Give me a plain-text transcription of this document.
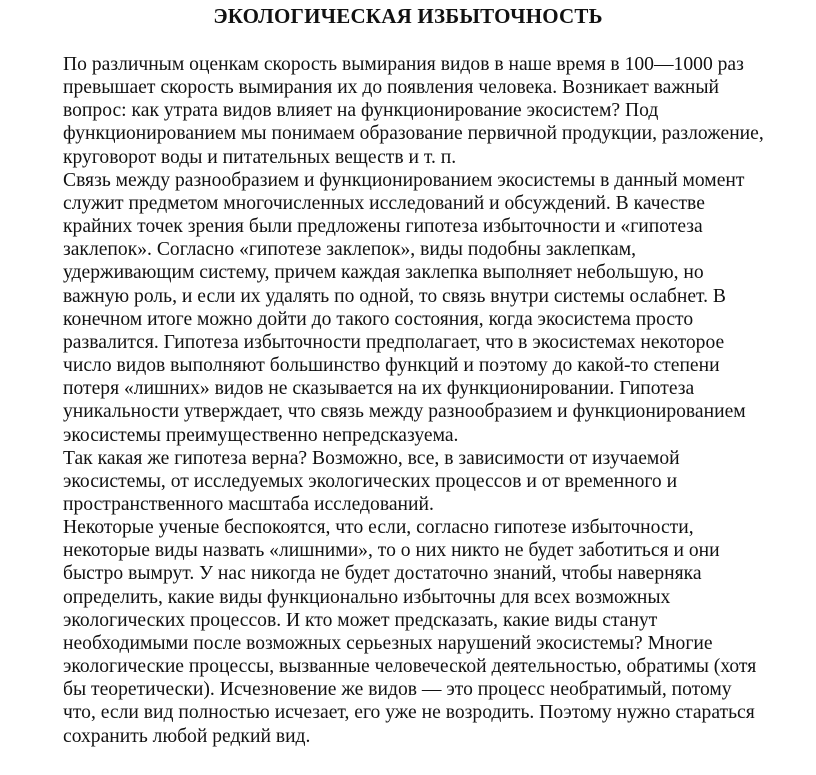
ЭКОЛОГИЧЕСКАЯ ИЗБЫТОЧНОСТЬ

По различным оценкам скорость вымирания видов в наше время в 100—1000 раз
превышает скорость вымирания их до появления человека. Возникает важный
вопрос: как утрата видов влияет на функционирование экосистем? Под
функционированием мы понимаем образование первичной продукции, разложение,
круговорот воды и питательных веществ и т. п.

Связь между разнообразием и функционированием экосистемы в данный момент
служит предметом многочисленных исследований и обсуждений. В качестве
крайних точек зрения были предложены гипотеза избыточности и «гипотеза
заклепок». Согласно «гипотезе заклепок», виды подобны заклепкам,
удерживающим систему, причем каждая заклепка выполняет небольшую, но
важную роль, и если их удалять по одной, то связь внутри системы ослабнет. В
конечном итоге можно дойти до такого состояния, когда экосистема просто
развалится. Гипотеза избыточности предполагает, что в экосистемах некоторое
число видов выполняют большинство функций и поэтому до какой-то степени
потеря «лишних» видов не сказывается на их функционировании. Гипотеза
уникальности утверждает, что связь между разнообразием и функционированием
экосистемы преимущественно непредсказуема.

Так какая же гипотеза верна? Возможно, все, в зависимости от изучаемой
экосистемы, от исследуемых экологических процессов и от временного и
пространственного масштаба исследований.

Некоторые ученые беспокоятся, что если, согласно гипотезе избыточности,
некоторые виды назвать «лишними», то о них никто не будет заботиться и они
быстро вымрут. У нас никогда не будет достаточно знаний, чтобы наверняка
определить, какие виды функционально избыточны для всех возможных
экологических процессов. И кто может предсказать, какие виды станут
необходимыми после возможных серьезных нарушений экосистемы? Многие
экологические процессы, вызванные человеческой деятельностью, обратимы (хотя
бы теоретически). Исчезновение же видов — это процесс необратимый, потому
что, если вид полностью исчезает, его уже не возродить. Поэтому нужно стараться
сохранить любой редкий вид.
